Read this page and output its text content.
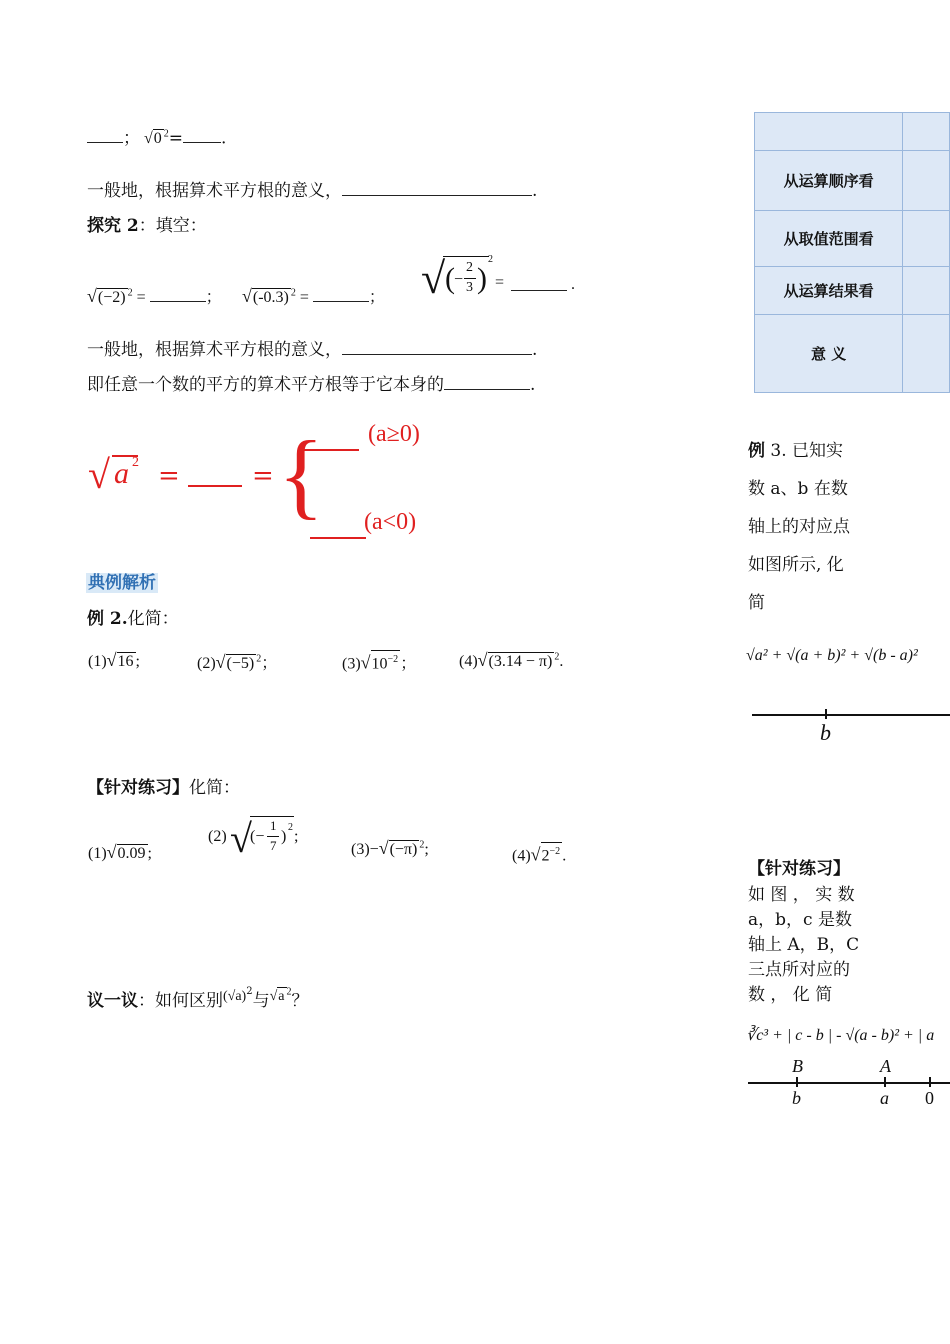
； √0 $^2$= .
一般地，根据算术平方根的意义，	.
探究 2：填空：
√(−2) $^2$ =	； √(-0.3) $^2$ =	； √ ( −
2
3 )
2
=	.
一般地，根据算术平方根的意义，	.
即任意一个数的平方的算术平方根等于它本身的	.
√ a 2 =	= { (a≥0)
(a<0)
典例解析
例 2.化简：
(1)√16 ;	(2)√(−5) $^2$；	$(3)√10^{-2}$ ；	(4)√(3.14 − π) $^2$.
【针对练习】化简：
(1)√0.09 ;
(2) √
(−
1
7
)
2
;
(3)−√(−π) $^2$;	$(4)√2^{-2}$ .
议一议：如何区别$^{(√a)2}$与$^{√a ^2}$？

从运算顺序看	
从取值范围看	
从运算结果看	
意 义	
例 3. 已知实
数 a、b 在数
轴上的对应点
如图所示, 化
简
√a² + √(a + b)² + √(b - a)²
b
【针对练习】
如 图 ， 实 数
a，b，c 是数
轴上 A，B，C
三点所对应的
数 ， 化 简
∛c³ + | c - b | - √(a - b)² + | a
B	A
b	a 0
